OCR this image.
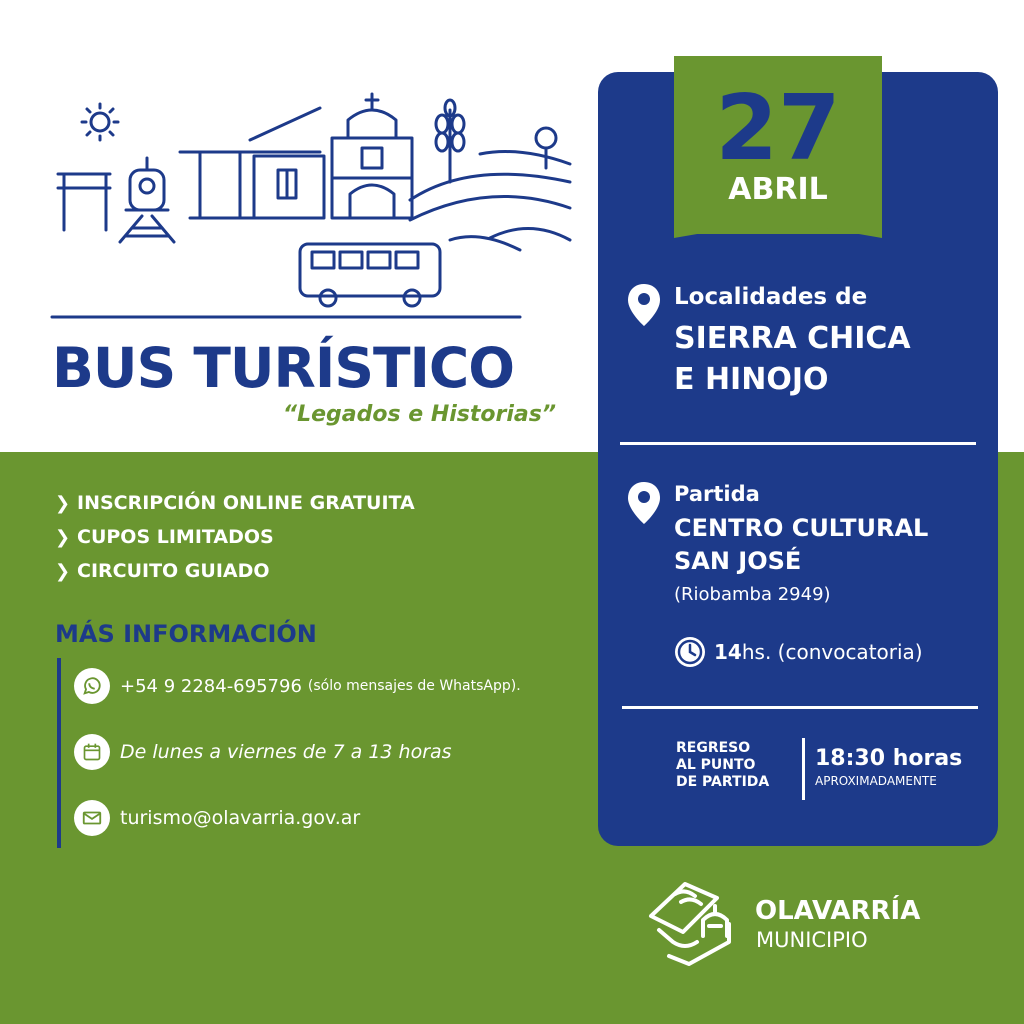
BUS TURÍSTICO
“Legados e Historias”
❯ INSCRIPCIÓN ONLINE GRATUITA
❯ CUPOS LIMITADOS
❯ CIRCUITO GUIADO
MÁS INFORMACIÓN
+54 9 2284-695796 (sólo mensajes de WhatsApp).
De lunes a viernes de 7 a 13 horas
turismo@olavarria.gov.ar
27
ABRIL
Localidades de
SIERRA CHICA
E HINOJO
Partida
CENTRO CULTURAL
SAN JOSÉ
(Riobamba 2949)
14 hs. (convocatoria)
REGRESO
AL PUNTO
DE PARTIDA
18:30 horas
APROXIMADAMENTE
OLAVARRÍA
MUNICIPIO
